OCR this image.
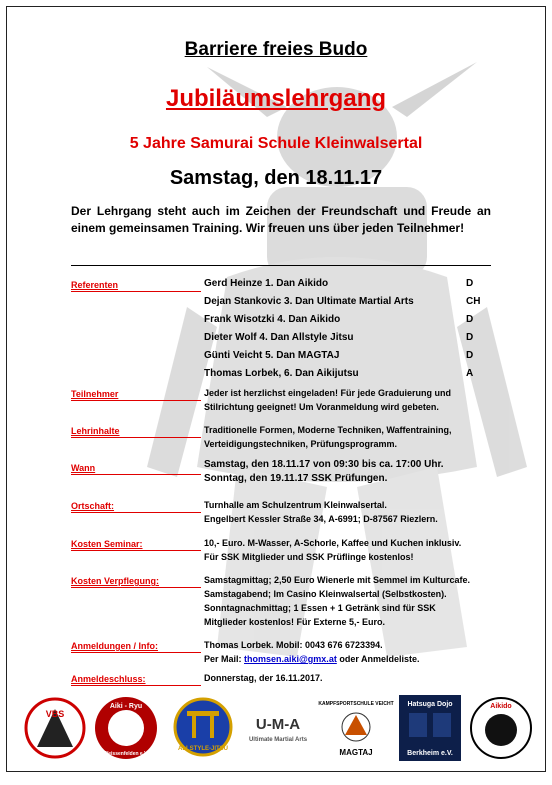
Barriere freies Budo
Jubiläumslehrgang
5 Jahre Samurai Schule Kleinwalsertal
Samstag, den 18.11.17
Der Lehrgang steht auch im Zeichen der Freundschaft und Freude an einem gemeinsamen Training. Wir freuen uns über jeden Teilnehmer!
Referenten	Gerd Heinze 1. Dan Aikido	D
Dejan Stankovic 3. Dan Ultimate Martial Arts	CH
Frank Wisotzki 4. Dan Aikido	D
Dieter Wolf 4. Dan Allstyle Jitsu	D
Günti Veicht 5. Dan MAGTAJ	D
Thomas Lorbek, 6. Dan Aikijutsu	A
Teilnehmer	Jeder ist herzlichst eingeladen! Für jede Graduierung und
Stilrichtung geeignet! Um Voranmeldung wird gebeten.
Lehrinhalte	Traditionelle Formen, Moderne Techniken, Waffentraining,
Verteidigungstechniken, Prüfungsprogramm.
Wann	Samstag, den 18.11.17 von 09:30 bis ca. 17:00 Uhr.
Sonntag, den 19.11.17 SSK Prüfungen.
Ortschaft:	Turnhalle am Schulzentrum Kleinwalsertal.
Engelbert Kessler Straße 34, A-6991; D-87567 Riezlern.
Kosten Seminar:	10,- Euro. M-Wasser, A-Schorle, Kaffee und Kuchen inklusiv.
Für SSK Mitglieder und SSK Prüflinge kostenlos!
Kosten Verpflegung:	Samstagmittag; 2,50 Euro Wienerle mit Semmel im Kulturcafe.
Samstagabend; Im Casino Kleinwalsertal (Selbstkosten).
Sonntagnachmittag; 1 Essen + 1 Getränk sind für SSK
Mitglieder kostenlos! Für Externe 5,- Euro.
Anmeldungen / Info:	Thomas Lorbek. Mobil: 0043 676 6723394.
Per Mail: thomsen.aiki@gmx.at oder Anmeldeliste.
Anmeldeschluss:	Donnerstag, der 16.11.2017.
VBS
Aiki - Ryu
Weissenfelden e.V.
ALLSTYLE-JITSU
U-M-A
Ultimate Martial Arts
KAMPFSPORTSCHULE VEICHT
MAGTAJ
Hatsuga Dojo
Berkheim e.V.
Aikido
